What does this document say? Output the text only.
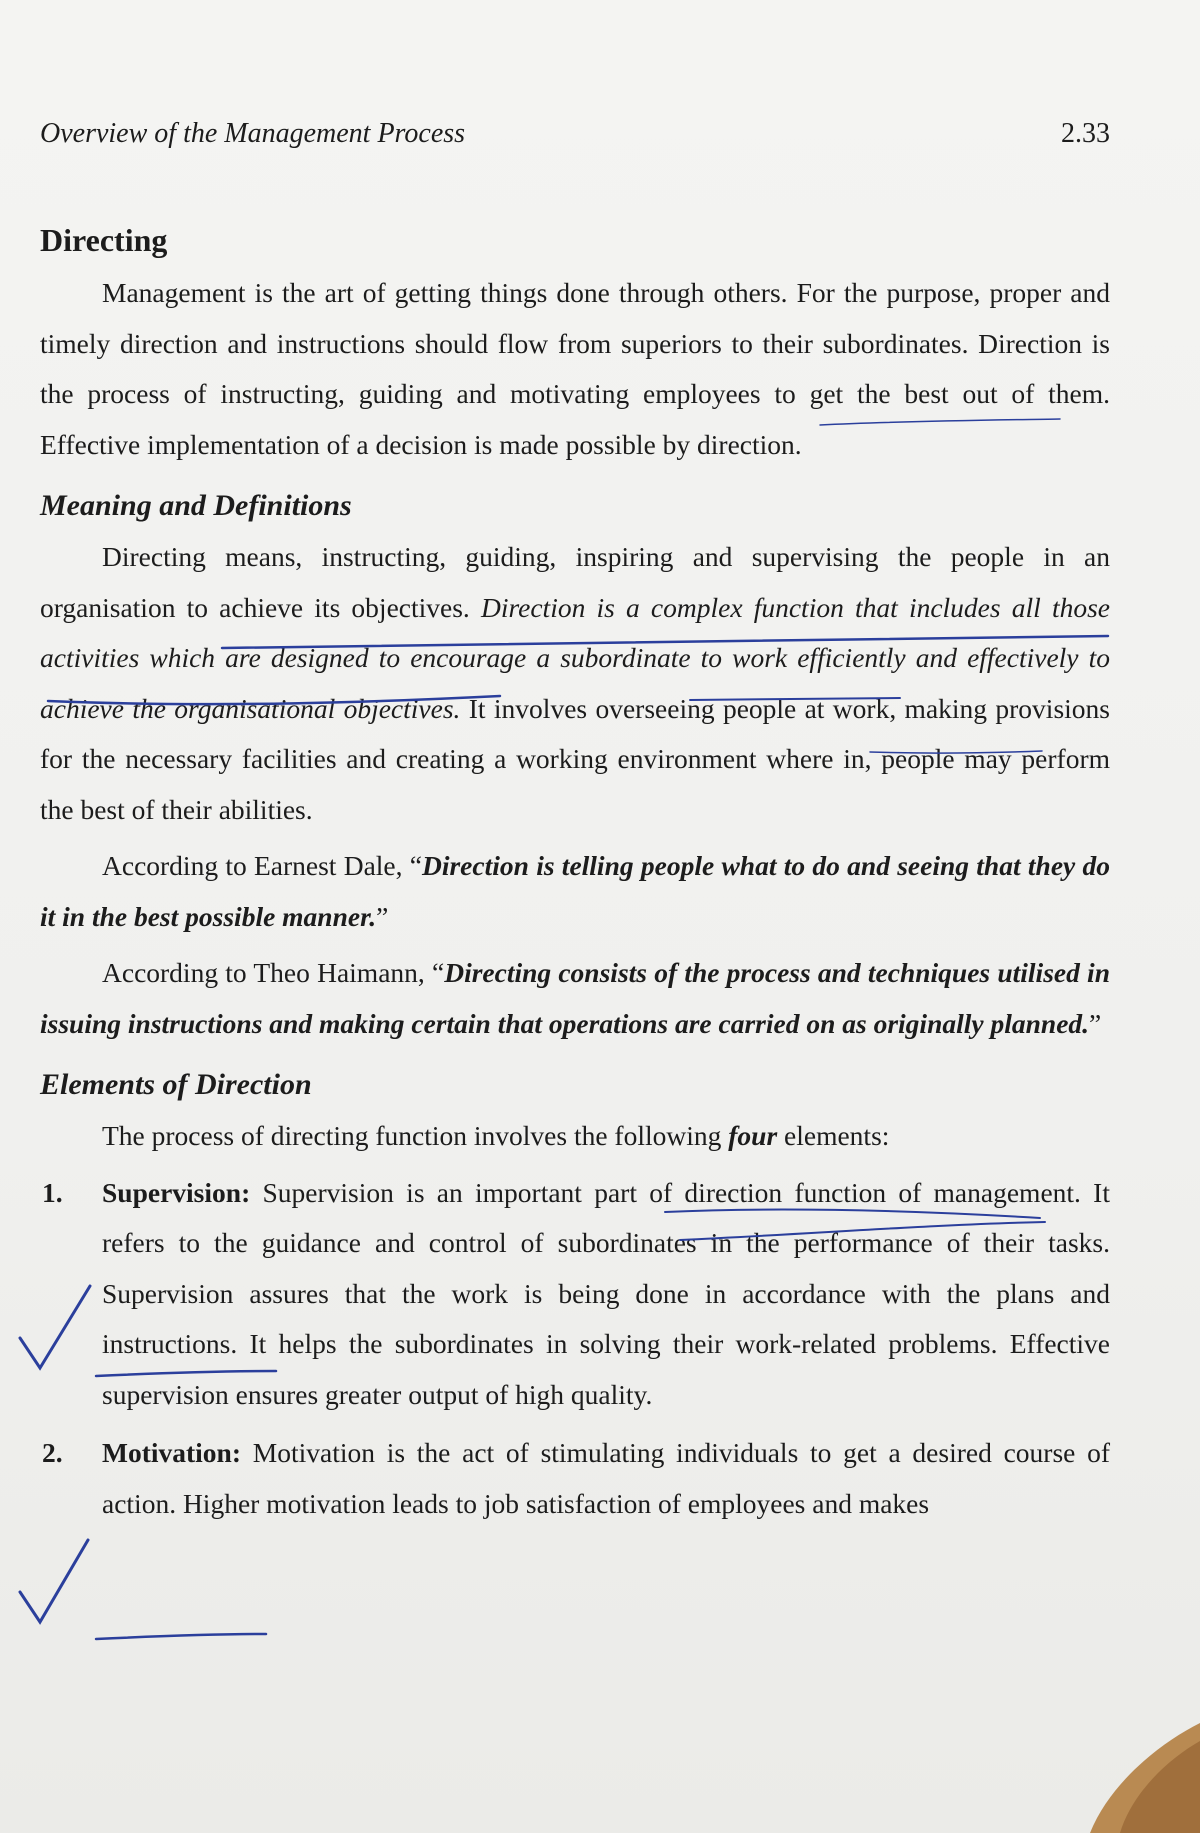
Overview of the Management Process	2.33
Directing

Management is the art of getting things done through others. For the purpose, proper and timely direction and instructions should flow from superiors to their subordinates. Direction is the process of instructing, guiding and motivating employees to get the best out of them. Effective implementation of a decision is made possible by direction.

Meaning and Definitions

Directing means, instructing, guiding, inspiring and supervising the people in an organisation to achieve its objectives. Direction is a complex function that includes all those activities which are designed to encourage a subordinate to work efficiently and effectively to achieve the organisational objectives. It involves overseeing people at work, making provisions for the necessary facilities and creating a working environment where in, people may perform the best of their abilities.

According to Earnest Dale, “Direction is telling people what to do and seeing that they do it in the best possible manner.”

According to Theo Haimann, “Directing consists of the process and techniques utilised in issuing instructions and making certain that operations are carried on as originally planned.”

Elements of Direction

The process of directing function involves the following four elements:

1. Supervision: Supervision is an important part of direction function of management. It refers to the guidance and control of subordinates in the performance of their tasks. Supervision assures that the work is being done in accordance with the plans and instructions. It helps the subordinates in solving their work-related problems. Effective supervision ensures greater output of high quality.
2. Motivation: Motivation is the act of stimulating individuals to get a desired course of action. Higher motivation leads to job satisfaction of employees and makes
